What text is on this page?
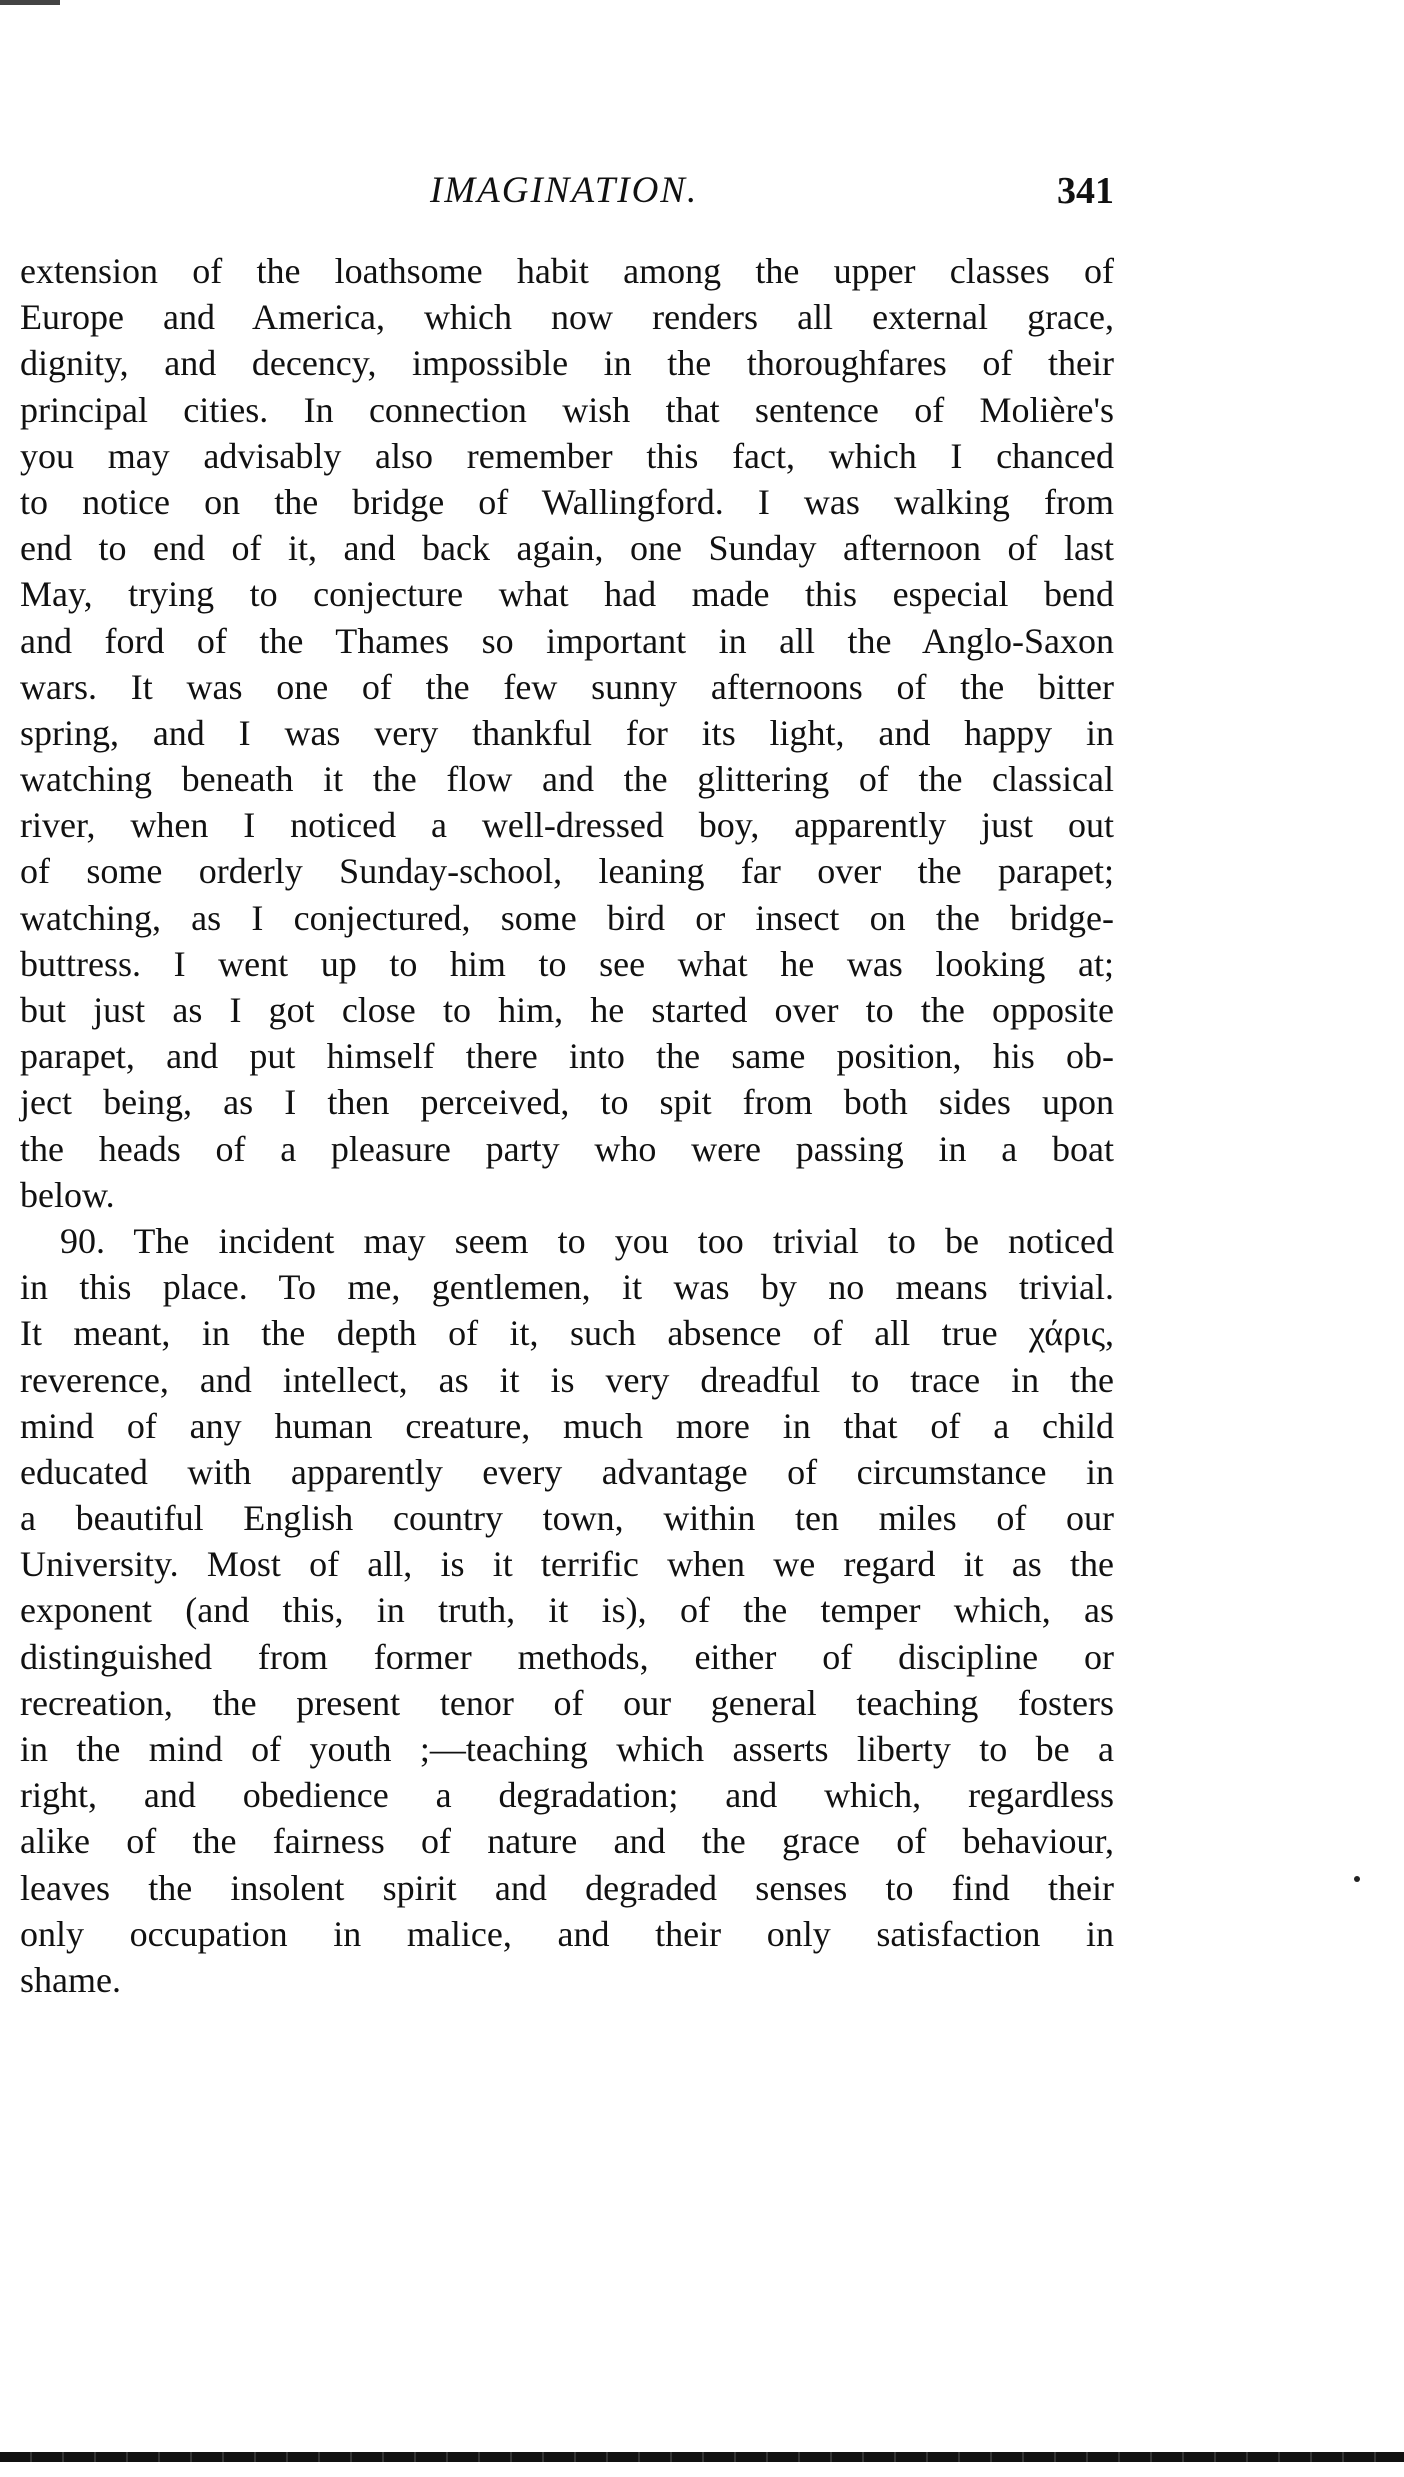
IMAGINATION.	341
extension of the loathsome habit among the upper classes of
Europe and America, which now renders all external grace,
dignity, and decency, impossible in the thoroughfares of their
principal cities. In connection wish that sentence of Molière's
you may advisably also remember this fact, which I chanced
to notice on the bridge of Wallingford. I was walking from
end to end of it, and back again, one Sunday afternoon of last
May, trying to conjecture what had made this especial bend
and ford of the Thames so important in all the Anglo-Saxon
wars. It was one of the few sunny afternoons of the bitter
spring, and I was very thankful for its light, and happy in
watching beneath it the flow and the glittering of the classical
river, when I noticed a well-dressed boy, apparently just out
of some orderly Sunday-school, leaning far over the parapet;
watching, as I conjectured, some bird or insect on the bridge-
buttress. I went up to him to see what he was looking at;
but just as I got close to him, he started over to the opposite
parapet, and put himself there into the same position, his ob-
ject being, as I then perceived, to spit from both sides upon
the heads of a pleasure party who were passing in a boat
below.
90. The incident may seem to you too trivial to be noticed
in this place. To me, gentlemen, it was by no means trivial.
It meant, in the depth of it, such absence of all true χάρις,
reverence, and intellect, as it is very dreadful to trace in the
mind of any human creature, much more in that of a child
educated with apparently every advantage of circumstance in
a beautiful English country town, within ten miles of our
University. Most of all, is it terrific when we regard it as the
exponent (and this, in truth, it is), of the temper which, as
distinguished from former methods, either of discipline or
recreation, the present tenor of our general teaching fosters
in the mind of youth ;—teaching which asserts liberty to be a
right, and obedience a degradation; and which, regardless
alike of the fairness of nature and the grace of behaviour,
leaves the insolent spirit and degraded senses to find their
only occupation in malice, and their only satisfaction in
shame.
